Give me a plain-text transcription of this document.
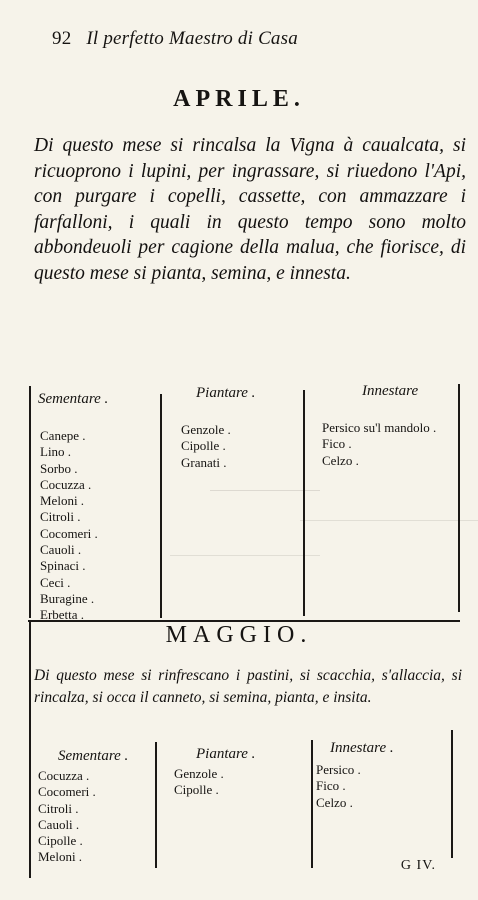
92 Il perfetto Maestro di Casa
APRILE.
Di questo mese si rincalsa la Vigna à caualcata, si ricuoprono i lupini, per ingrassare, si riuedono l'Api, con purgare i copelli, cassette, con ammazzare i farfalloni, i quali in questo tempo sono molto abbondeuoli per cagione della malua, che fiorisce, di questo mese si pianta, semina, e innesta.
Sementare .
Canepe .
Lino .
Sorbo .
Cocuzza .
Meloni .
Citroli .
Cocomeri .
Cauoli .
Spinaci .
Ceci .
Buragine .
Erbetta .
Piantare .
Genzole .
Cipolle .
Granati .
Innestare
Persico su'l mandolo .
Fico .
Celzo .
MAGGIO.
Di questo mese si rinfrescano i pastini, si scacchia, s'allaccia, si rincalza, si occa il canneto, si semina, pianta, e insita.
Sementare .
Cocuzza .
Cocomeri .
Citroli .
Cauoli .
Cipolle .
Meloni .
Piantare .
Genzole .
Cipolle .
Innestare .
Persico .
Fico .
Celzo .
G IV.
